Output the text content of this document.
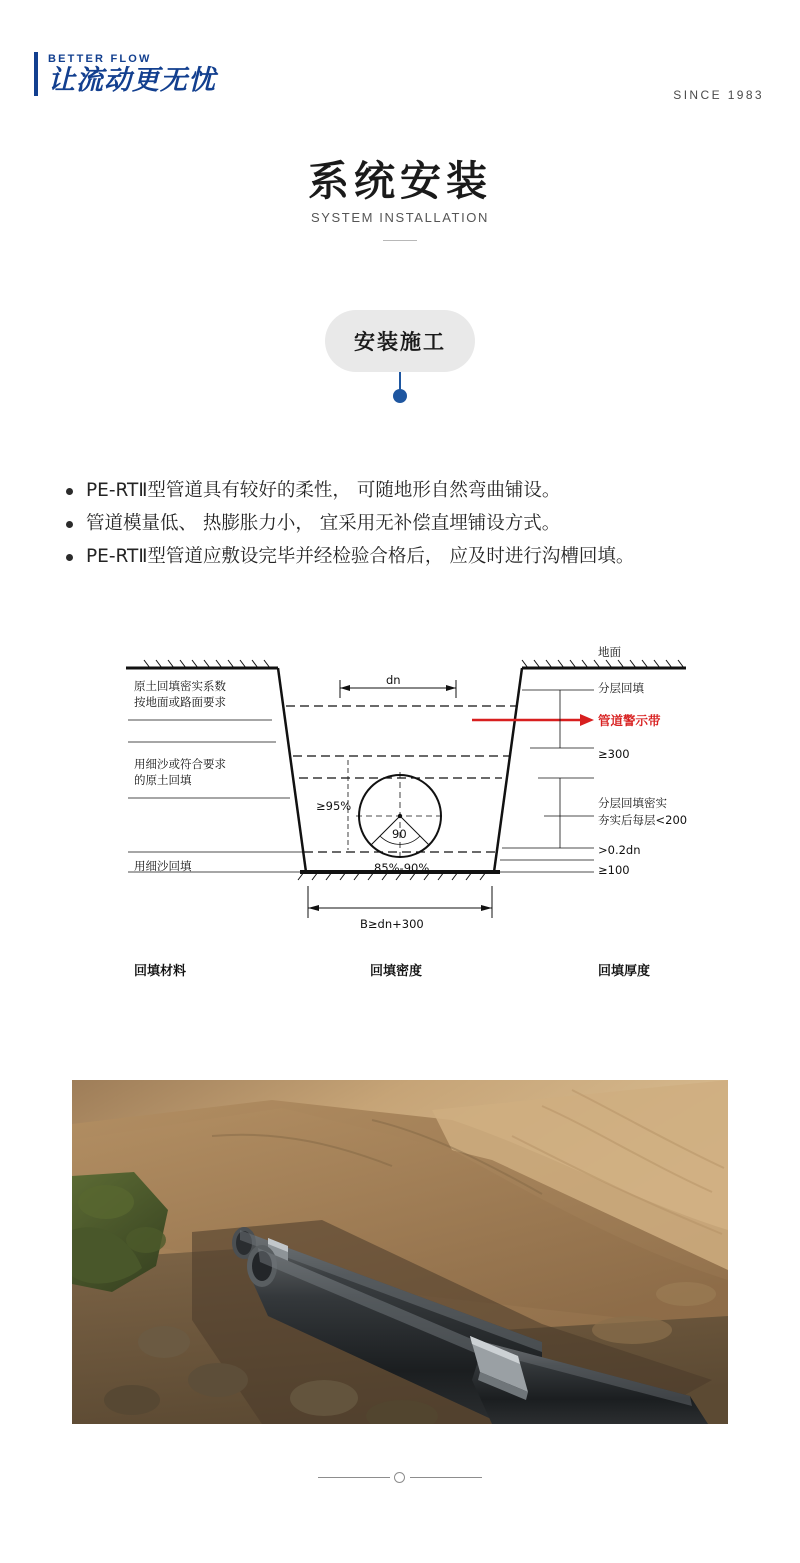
BETTER FLOW
让流动更无忧	SINCE 1983
系统安装
SYSTEM INSTALLATION
安装施工
PE-RTⅡ型管道具有较好的柔性， 可随地形自然弯曲铺设。
管道模量低、 热膨胀力小， 宜采用无补偿直埋铺设方式。
PE-RTⅡ型管道应敷设完毕并经检验合格后， 应及时进行沟槽回填。
原土回填密实系数
按地面或路面要求
用细沙或符合要求
的原土回填
用细沙回填
地面
分层回填
管道警示带
≥300
分层回填密实
夯实后每层<200
>0.2dn
≥100
dn
≥95%
90
85%-90%
B≥dn+300
回填材料	回填密度	回填厚度
